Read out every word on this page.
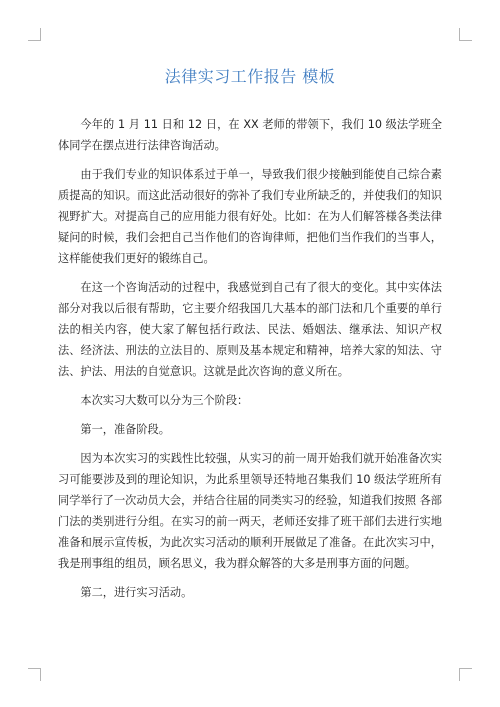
法律实习工作报告 模板

今年的 1 月 11 日和 12 日，在 XX 老师的带领下，我们 10 级法学班全体同学在摆点进行法律咨询活动。

由于我们专业的知识体系过于单一，导致我们很少接触到能使自己综合素质提高的知识。而这此活动很好的弥补了我们专业所缺乏的，并使我们的知识视野扩大。对提高自己的应用能力很有好处。比如：在为人们解答様各类法律疑问的时候，我们会把自己当作他们的咨询律师，把他们当作我们的当事人，这样能使我们更好的锻练自己。

在这一个咨询活动的过程中，我感觉到自己有了很大的变化。其中实体法部分对我以后很有帮助，它主要介绍我国几大基本的部门法和几个重要的单行法的相关内容，使大家了解包括行政法、民法、婚姻法、继承法、知识产权法、经济法、刑法的立法目的、原则及基本规定和精神，培养大家的知法、守法、护法、用法的自觉意识。这就是此次咨询的意义所在。

本次实习大数可以分为三个阶段：

第一，准备阶段。

因为本次实习的实践性比较强，从实习的前一周开始我们就开始准备次实习可能要涉及到的理论知识，为此系里领导还特地召集我们 10 级法学班所有同学举行了一次动员大会，并结合往届的同类实习的经验，知道我们按照 各部门法的类别进行分组。在实习的前一两天，老师还安排了班干部们去进行实地准备和展示宣传板，为此次实习活动的顺利开展做足了准备。在此次实习中，我是刑事组的组员，顾名思义，我为群众解答的大多是刑事方面的问题。

第二，进行实习活动。
